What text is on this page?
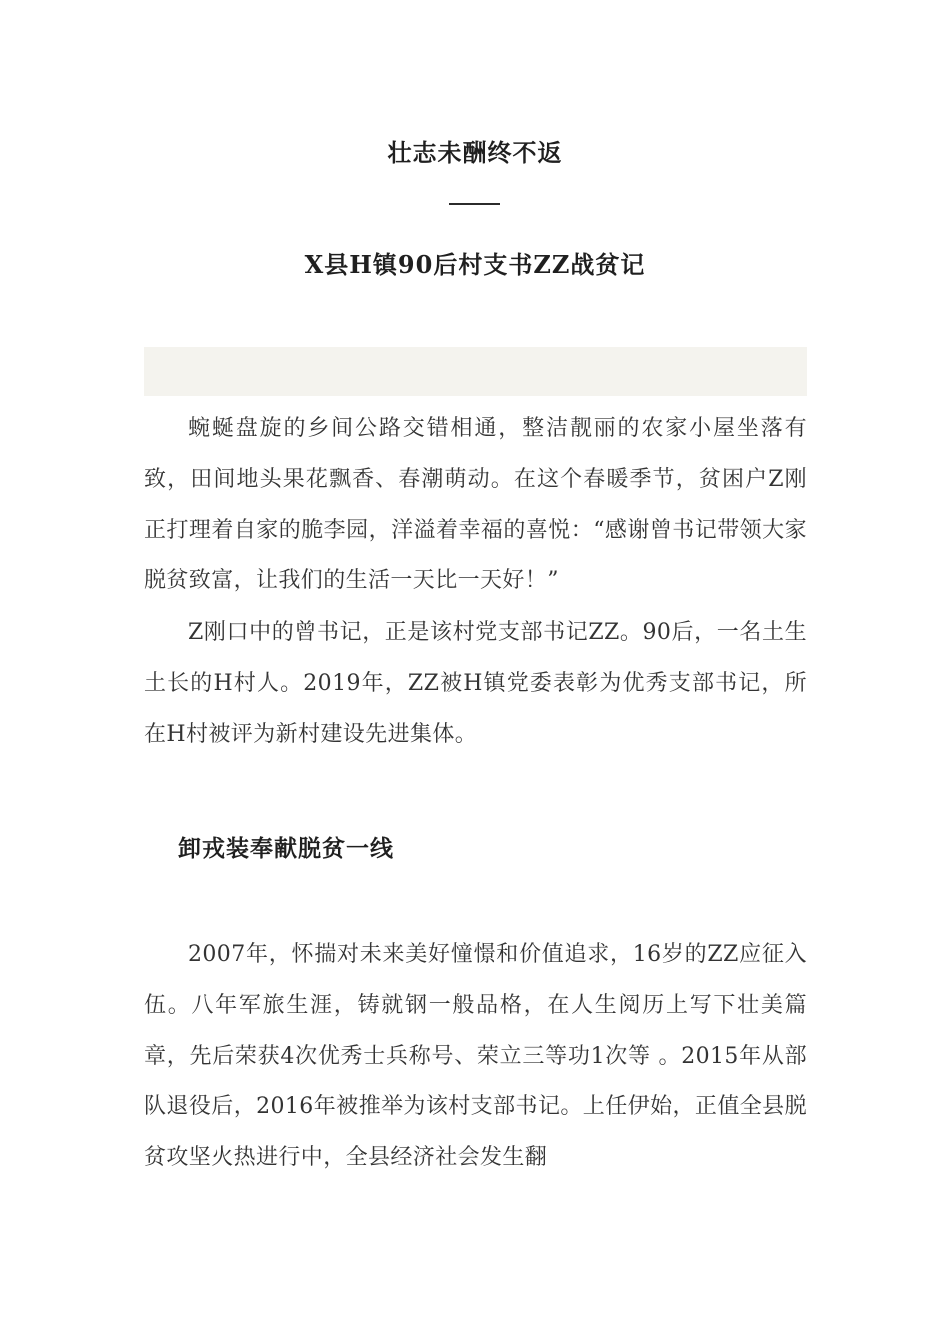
壮志未酬终不返
X县H镇90后村支书ZZ战贫记

蜿蜒盘旋的乡间公路交错相通，整洁靓丽的农家小屋坐落有致，田间地头果花飘香、春潮萌动。在这个春暖季节，贫困户Z刚正打理着自家的脆李园，洋溢着幸福的喜悦：“感谢曾书记带领大家脱贫致富，让我们的生活一天比一天好！”

Z刚口中的曾书记，正是该村党支部书记ZZ。90后，一名土生土长的H村人。2019年，ZZ被H镇党委表彰为优秀支部书记，所在H村被评为新村建设先进集体。

卸戎装奉献脱贫一线

2007年，怀揣对未来美好憧憬和价值追求，16岁的ZZ应征入伍。八年军旅生涯，铸就钢一般品格，在人生阅历上写下壮美篇章，先后荣获4次优秀士兵称号、荣立三等功1次等 。2015年从部队退役后，2016年被推举为该村支部书记。上任伊始，正值全县脱贫攻坚火热进行中，全县经济社会发生翻
